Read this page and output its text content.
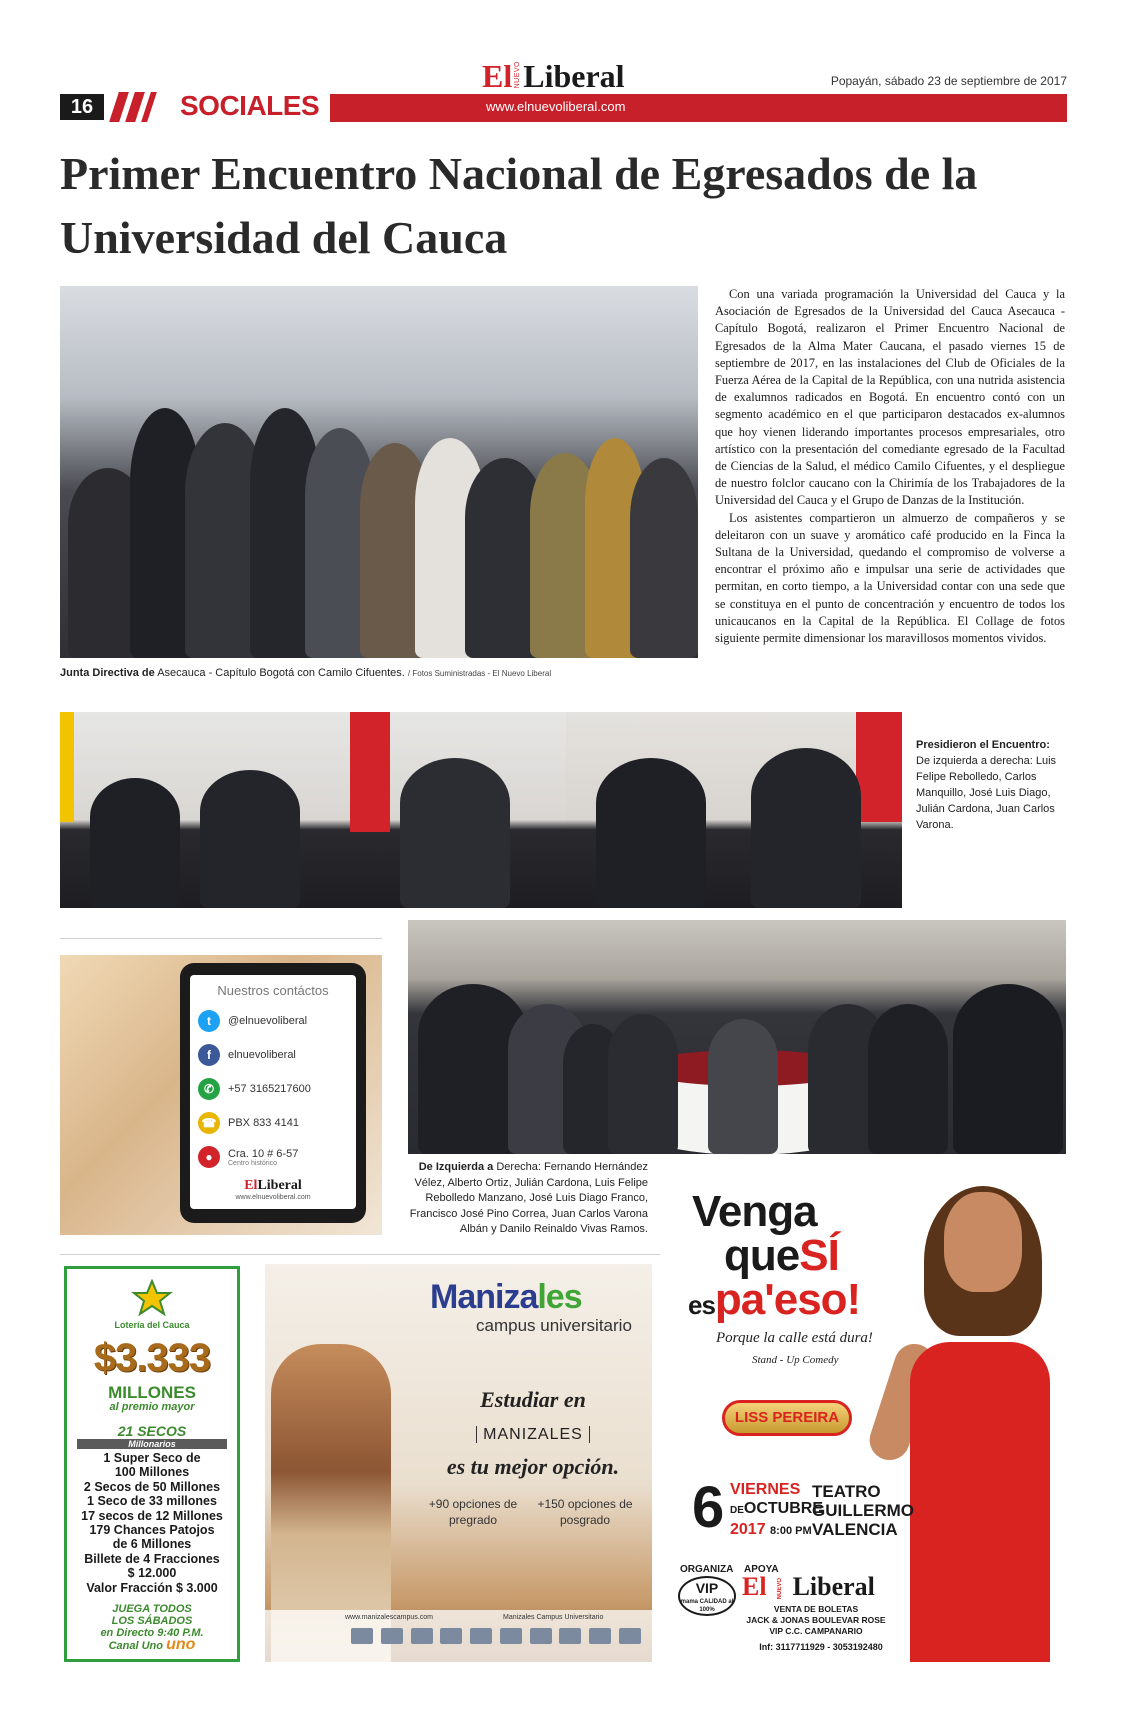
16	SOCIALES
El NUEVO Liberal	Popayán, sábado 23 de septiembre de 2017
www.elnuevoliberal.com
Primer Encuentro Nacional de Egresados de la Universidad del Cauca
Junta Directiva de Asecauca - Capítulo Bogotá con Camilo Cifuentes. / Fotos Suministradas - El Nuevo Liberal

Con una variada programación la Universidad del Cauca y la Asociación de Egresados de la Universidad del Cauca Asecauca - Capítulo Bogotá, realizaron el Primer Encuentro Nacional de Egresados de la Alma Mater Caucana, el pasado viernes 15 de septiembre de 2017, en las instalaciones del Club de Oficiales de la Fuerza Aérea de la Capital de la República, con una nutrida asistencia de exalumnos radicados en Bogotá. En encuentro contó con un segmento académico en el que participaron destacados ex-alumnos que hoy vienen liderando importantes procesos empresariales, otro artístico con la presentación del comediante egresado de la Facultad de Ciencias de la Salud, el médico Camilo Cifuentes, y el despliegue de nuestro folclor caucano con la Chirimía de los Trabajadores de la Universidad del Cauca y el Grupo de Danzas de la Institución.

Los asistentes compartieron un almuerzo de compañeros y se deleitaron con un suave y aromático café producido en la Finca la Sultana de la Universidad, quedando el compromiso de volverse a encontrar el próximo año e impulsar una serie de actividades que permitan, en corto tiempo, a la Universidad contar con una sede que se constituya en el punto de concentración y encuentro de todos los unicaucanos en la Capital de la República. El Collage de fotos siguiente permite dimensionar los maravillosos momentos vividos.

Presidieron el Encuentro: De izquierda a derecha: Luis Felipe Rebolledo, Carlos Manquillo, José Luis Diago, Julián Cardona, Juan Carlos Varona.
Nuestros contáctos
t	@elnuevoliberal
f	elnuevoliberal
✆	+57 3165217600
☎	PBX 833 4141
●	Cra. 10 # 6-57
Centro histórico
ElLiberal
www.elnuevoliberal.com
De Izquierda a Derecha: Fernando Hernández Vélez, Alberto Ortiz, Julián Cardona, Luis Felipe Rebolledo Manzano, José Luis Diago Franco, Francisco José Pino Correa, Juan Carlos Varona Albán y Danilo Reinaldo Vivas Ramos.
Lotería del Cauca
$3.333
MILLONES
al premio mayor
21 SECOS
Millonarios
1 Super Seco de
100 Millones
2 Secos de 50 Millones
1 Seco de 33 millones
17 secos de 12 Millones
179 Chances Patojos
de 6 Millones
Billete de 4 Fracciones
$ 12.000
Valor Fracción $ 3.000
JUEGA TODOS
LOS SÁBADOS
en Directo 9:40 P.M.
Canal Uno uno
Manizales
campus universitario
Estudiar en
MANIZALES
es tu mejor opción.
+90 opciones de pregrado
+150 opciones de posgrado
www.manizalescampus.com	Manizales Campus Universitario
Venga
queSÍ
espa'eso!
Porque la calle está dura!
Stand - Up Comedy
LISS PEREIRA
6 VIERNES
DEOCTUBRE
2017 8:00 PM
TEATRO
GUILLERMO
VALENCIA
ORGANIZA
VIP
mama CALIDAD al 100%
APOYA
El NUEVO Liberal
VENTA DE BOLETAS
JACK & JONAS BOULEVAR ROSE
VIP C.C. CAMPANARIO
Inf: 3117711929 - 3053192480
